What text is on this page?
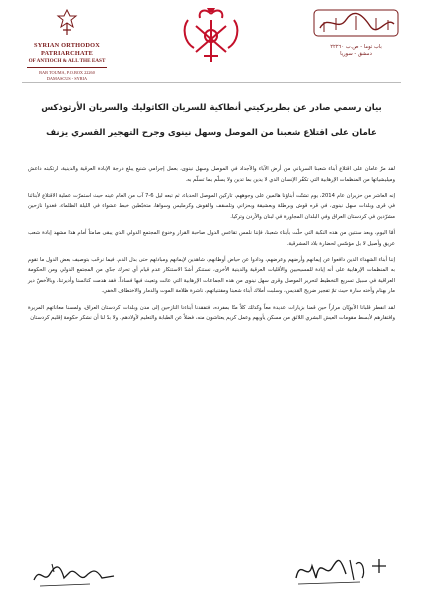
SYRIAN ORTHODOX PATRIARCHATE
OF ANTIOCH & ALL THE EAST
BAB TOUMA, P.O.BOX 22260
DAMASCUS - SYRIA
باب توما - ص.ب ٢٢٢٦٠
دمشق - سوريا
بيان رسمي صادر عن بطريركيتي أنطاكية للسريان الكاثوليك والسريان الأرثوذكس
عامان على اقتلاع شعبنا من الموصل وسهل نينوى وجرح التهجير القسري يزنف

لقد مرّ عامان على اقتلاع أبناء شعبنا السرياني من أرض الآباء والأجداد في الموصل وسهل نينوى، بعمل إجرامي شنيع يبلغ درجة الإبادة العرقية والدينية، ارتكبته داعش وميليشياتها من المنظمات الإرهابية التي تكفّر الإنسان الذي لا يدين بما تدين ولا يسلّم بما تسلّم به.

إنه العاشر من حزيران عام 2014، يوم تشتّت أبناؤنا هائمين على وجوههم، تاركين الموصل الحدباء، ثم تبعه ليل 6-7 آب من العام عينه حيث استمرّت عملية الاقتلاع لأبنائنا في قرى وبلدات سهل نينوى، في قره قوش وبرطلة وبعشيقة وبحزاني وتلسقف والقوش وكرمليس وسواها، متخبّطين خبط عشواء في الليلة الظلماء، فغدوا نازحين مشرّدين في كردستان العراق وفي البلدان المجاورة في لبنان والأردن وتركيا.

أمّا اليوم، وبعد سنتين من هذه النكبة التي حلّت بأبناء شعبنا، فإننا نلمس تقاعس الدول صاحبة القرار وخنوع المجتمع الدولي الذي يبقى صامتاً أمام هذا مشهد إبادة شعب عريق وأصيل لا بل مؤسّس لحضارة بلاد المشرقية.

إننا أبناء الشهداء الذين دافعوا عن إيمانهم وأرضهم وعرضهم، وذادوا عن حياض أوطانهم، شاهدين لإيمانهم ومبادئهم حتى بذل الدم. فيما نرحّب بتوصيف بعض الدول ما تقوم به المنظمات الإرهابية على أنه إبادة للمسيحيين والأقليات العرقية والدينية الأخرى، نستنكر أشدّ الاستنكار عدم قيام أي تحرك جدّي من المجتمع الدولي ومن الحكومة العراقية في سبيل تسريع التخطيط لتحرير الموصل وقرى سهل نينوى من هذه الجماعات الإرهابية التي عاثت وتعيث فيها فساداً. فقد هدمت كنائسنا وأديرتنا، وبالأخصّ دير مار بهنام وأخته سارة حيث تمّ تفجير ضريح القديس، وسلبت أملاك أبناء شعبنا ومقتنياتهم، ناشرة ظلامة الموت والدمار والاختطاف الخفي.

لقد انفطر قلبانا الأبويّان مراراً حين قمنا بزيارات عديدة معاً وكذلك كلاً منّا بمفرده، فتفقدنا أبناءنا النازحين إلى مدن وبلدات كردستان العراق، ولمسنا معاناتهم المريرة وافتقارهم لأبسط مقومات العيش البشري اللائق من مسكن يأويهم وعمل كريم يعتاشون منه، فضلاً عن الطبابة والتعليم لأولادهم. ولا بدّ لنا أن نشكر حكومة إقليم كردستان
